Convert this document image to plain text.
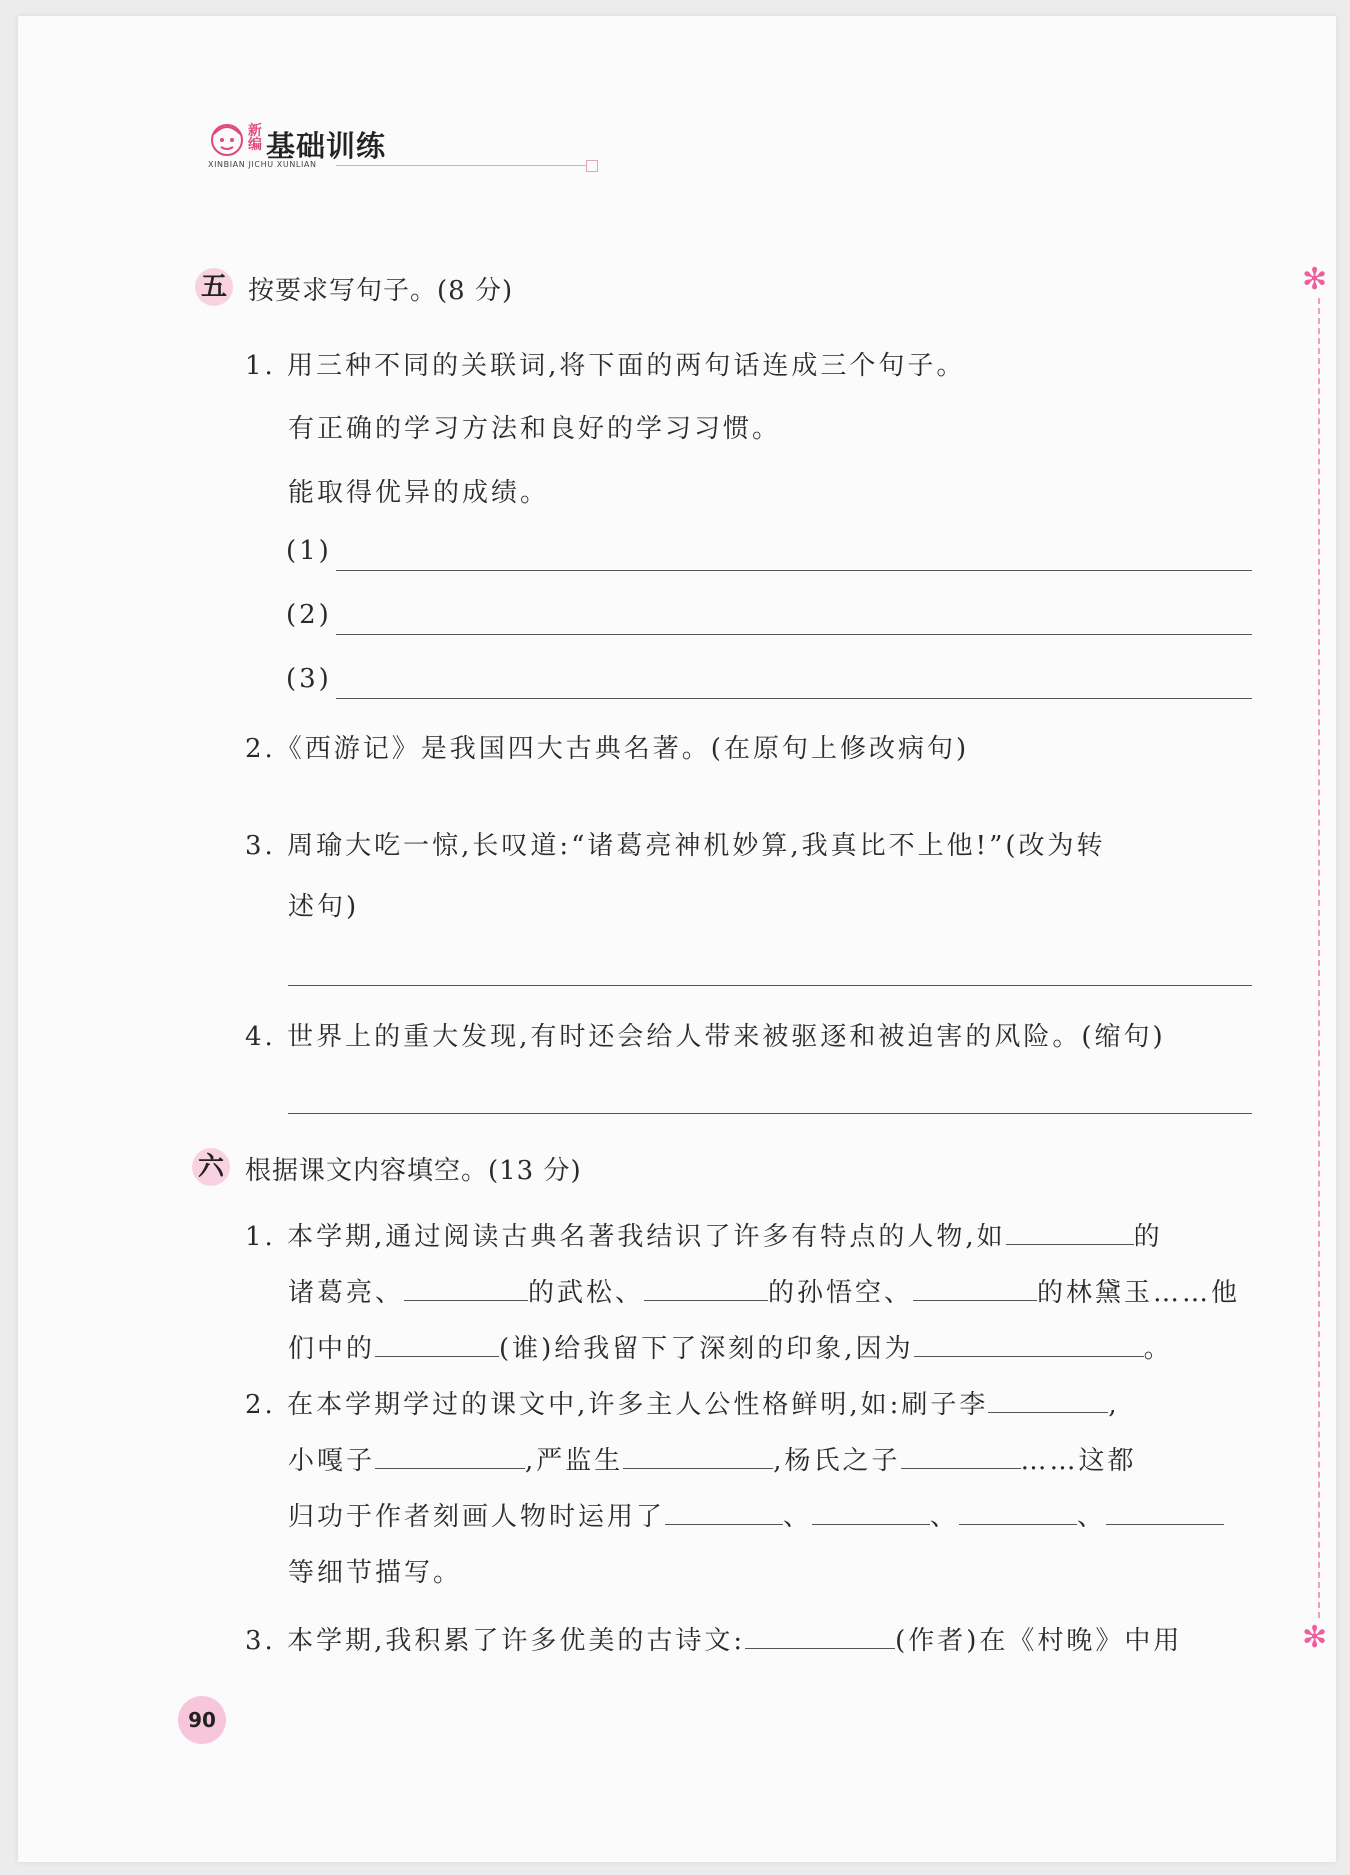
新编 基础训练
XINBIAN JICHU XUNLIAN
五 按要求写句子。(8 分)
1. 用三种不同的关联词,将下面的两句话连成三个句子。
有正确的学习方法和良好的学习习惯。
能取得优异的成绩。
(1)
(2)
(3)
2.《西游记》是我国四大古典名著。(在原句上修改病句)
3. 周瑜大吃一惊,长叹道:“诸葛亮神机妙算,我真比不上他!”(改为转
述句)
4. 世界上的重大发现,有时还会给人带来被驱逐和被迫害的风险。(缩句)
六 根据课文内容填空。(13 分)
1. 本学期,通过阅读古典名著我结识了许多有特点的人物,如	的
诸葛亮、	的武松、	的孙悟空、	的林黛玉……他
们中的	(谁)给我留下了深刻的印象,因为	。
2. 在本学期学过的课文中,许多主人公性格鲜明,如:刷子李	,
小嘎子	,严监生	,杨氏之子	……这都
归功于作者刻画人物时运用了	、	、	、
等细节描写。
3. 本学期,我积累了许多优美的古诗文:	(作者)在《村晚》中用
✻
✻
90
